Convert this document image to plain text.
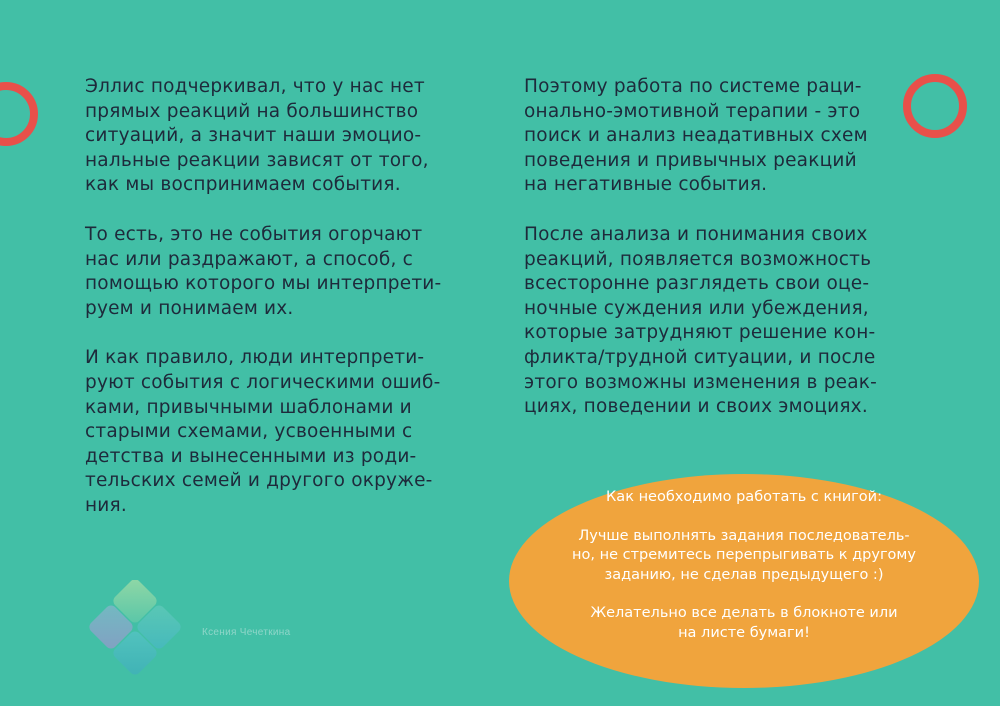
Эллис подчеркивал, что у нас нет
прямых реакций на большинство
ситуаций, а значит наши эмоцио-
нальные реакции зависят от того,
как мы воспринимаем события.
То есть, это не события огорчают
нас или раздражают, а способ, с
помощью которого мы интерпрети-
руем и понимаем их.
И как правило, люди интерпрети-
руют события с логическими ошиб-
ками, привычными шаблонами и
старыми схемами, усвоенными с
детства и вынесенными из роди-
тельских семей и другого окруже-
ния.
Поэтому работа по системе раци-
онально-эмотивной терапии - это
поиск и анализ неадативных схем
поведения и привычных реакций
на негативные события.
После анализа и понимания своих
реакций, появляется возможность
всесторонне разглядеть свои оце-
ночные суждения или убеждения,
которые затрудняют решение кон-
фликта/трудной ситуации, и после
этого возможны изменения в реак-
циях, поведении и своих эмоциях.
Как необходимо работать с книгой:
Лучше выполнять задания последователь-
но, не стремитесь перепрыгивать к другому
заданию, не сделав предыдущего :)
Желательно все делать в блокноте или
на листе бумаги!
Ксения Чечеткина
